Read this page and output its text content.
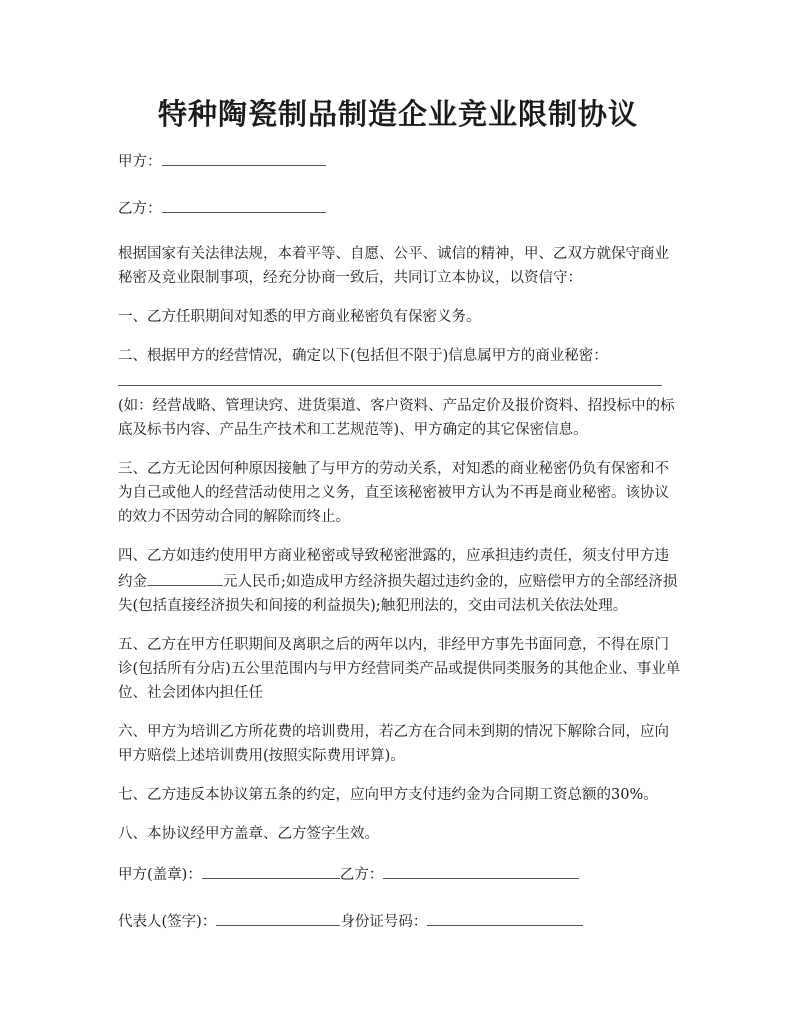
特种陶瓷制品制造企业竞业限制协议
甲方：
乙方：

根据国家有关法律法规，本着平等、自愿、公平、诚信的精神，甲、乙双方就保守商业秘密及竞业限制事项，经充分协商一致后，共同订立本协议，以资信守：

一、乙方任职期间对知悉的甲方商业秘密负有保密义务。

二、根据甲方的经营情况，确定以下(包括但不限于)信息属甲方的商业秘密：
(如：经营战略、管理诀窍、进货渠道、客户资料、产品定价及报价资料、招投标中的标底及标书内容、产品生产技术和工艺规范等)、甲方确定的其它保密信息。

三、乙方无论因何种原因接触了与甲方的劳动关系，对知悉的商业秘密仍负有保密和不为自己或他人的经营活动使用之义务，直至该秘密被甲方认为不再是商业秘密。该协议的效力不因劳动合同的解除而终止。

四、乙方如违约使用甲方商业秘密或导致秘密泄露的，应承担违约责任，须支付甲方违约金	元人民币;如造成甲方经济损失超过违约金的，应赔偿甲方的全部经济损失(包括直接经济损失和间接的利益损失);触犯刑法的，交由司法机关依法处理。

五、乙方在甲方任职期间及离职之后的两年以内，非经甲方事先书面同意，不得在原门诊(包括所有分店)五公里范围内与甲方经营同类产品或提供同类服务的其他企业、事业单位、社会团体内担任任

六、甲方为培训乙方所花费的培训费用，若乙方在合同未到期的情况下解除合同，应向甲方赔偿上述培训费用(按照实际费用评算)。

七、乙方违反本协议第五条的约定，应向甲方支付违约金为合同期工资总额的30%。

八、本协议经甲方盖章、乙方签字生效。

甲方(盖章)：	乙方：
代表人(签字)：	身份证号码：
